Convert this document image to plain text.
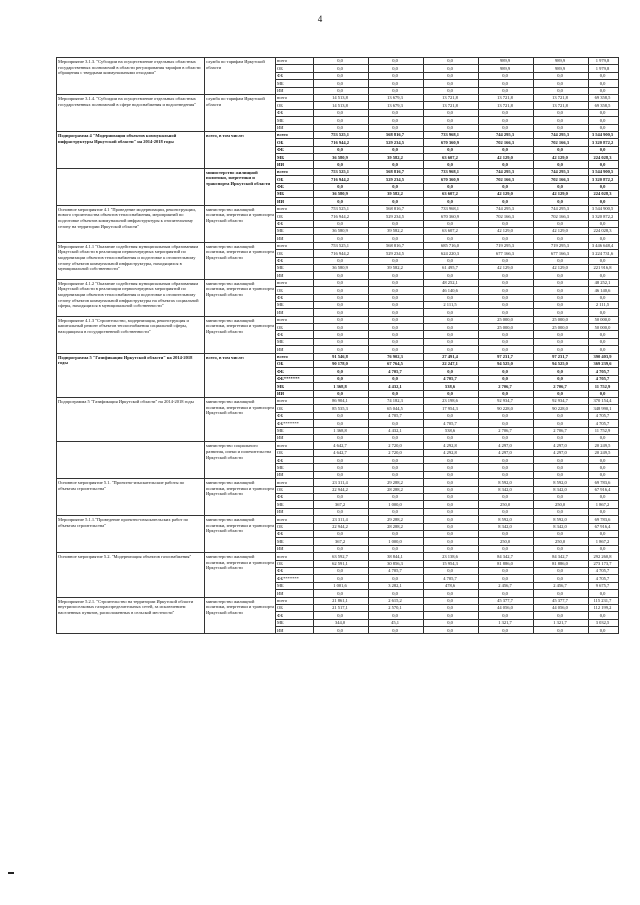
4
Мероприятие 3.1.3. "Субсидии на осуществление отдельных областных государственных полномочий в области регулирования тарифов в области обращения с твердыми коммунальными отходами"	служба по тарифам Иркутской области	всего	0,0	0,0	0,0	989,9	989,9	1 979,8	
		ОБ	0,0	0,0	0,0	989,9	989,9	1 979,8	
		ФБ	0,0	0,0	0,0	0,0	0,0	0,0	
		МБ	0,0	0,0	0,0	0,0	0,0	0,0	
		ИИ	0,0	0,0	0,0	0,0	0,0	0,0	
Мероприятие 3.1.4. "Субсидии на осуществление отдельных областных государственных полномочий в сфере водоснабжения и водоотведения"	служба по тарифам Иркутской области	всего	14 513,8	13 679,3	13 721,8	13 721,8	13 721,8	69 358,5	
		ОБ	14 513,8	13 679,3	13 721,8	13 721,8	13 721,8	69 358,5	
		ФБ	0,0	0,0	0,0	0,0	0,0	0,0	
		МБ	0,0	0,0	0,0	0,0	0,0	0,0	
		ИИ	0,0	0,0	0,0	0,0	0,0	0,0	
Подпрограмма 4 "Модернизация объектов коммунальной инфраструктуры Иркутской области" на 2014-2018 годы	всего, в том числе:	всего	753 525,1	568 816,7	733 968,1	744 295,3	744 295,3	3 544 900,5	
		ОБ	716 944,2	529 234,5	670 360,9	702 166,3	702 166,3	3 320 872,2	
		ФБ	0,0	0,0	0,0	0,0	0,0	0,0	
		МБ	36 580,9	39 582,2	63 607,2	42 129,0	42 129,0	224 028,3	
		ИИ	0,0	0,0	0,0	0,0	0,0	0,0	
	министерство жилищной политики, энергетики и транспорта Иркутской области	всего	753 525,1	568 816,7	733 968,1	744 295,3	744 295,3	3 544 900,5	
		ОБ	716 944,2	529 234,5	670 360,9	702 166,3	702 166,3	3 320 872,2	
		ФБ	0,0	0,0	0,0	0,0	0,0	0,0	
		МБ	36 580,9	39 582,2	63 607,2	42 129,0	42 129,0	224 028,3	
		ИИ	0,0	0,0	0,0	0,0	0,0	0,0	
Основное мероприятие 4.1 "Проведение модернизации, реконструкции, нового строительства объектов теплоснабжения, мероприятий по подготовке объектов коммунальной инфраструктуры к отопительному сезону на территории Иркутской области"	министерство жилищной политики, энергетики и транспорта Иркутской области	всего	753 525,1	568 816,7	733 968,1	744 295,3	744 295,3	3 544 900,5	
		ОБ	716 944,2	529 234,5	670 360,9	702 166,3	702 166,3	3 320 872,2	
		ФБ	0,0	0,0	0,0	0,0	0,0	0,0	
		МБ	36 580,9	39 582,2	63 607,2	42 129,0	42 129,0	224 028,3	
		ИИ	0,0	0,0	0,0	0,0	0,0	0,0	
Мероприятие 4.1.1 "Оказание содействия муниципальным образованиям Иркутской области в реализации первоочередных мероприятий по модернизации объектов теплоснабжения и подготовке к отопительному сезону объектов коммунальной инфраструктуры, находящихся в муниципальной собственности"	министерство жилищной политики, энергетики и транспорта Иркутской области	всего	753 525,1	568 816,7	685 716,0	719 295,3	719 295,3	3 446 648,4	
		ОБ	716 944,2	529 234,5	624 220,3	677 166,3	677 166,3	3 224 731,6	
		ФБ	0,0	0,0	0,0	0,0	0,0	0,0	
		МБ	36 580,9	39 582,2	61 495,7	42 129,0	42 129,0	221 916,8	
		ИИ	0,0	0,0	0,0	0,0	0,0	0,0	
Мероприятие 4.1.2 "Оказание содействия муниципальным образованиям Иркутской области в реализации первоочередных мероприятий по модернизации объектов теплоснабжения и подготовке к отопительному сезону объектов коммунальной инфраструктуры на объектах социальной сферы, находящихся в муниципальной собственности"	министерство жилищной политики, энергетики и транспорта Иркутской области	всего	0,0	0,0	48 252,1	0,0	0,0	48 252,1	
		ОБ	0,0	0,0	46 140,6	0,0	0,0	46 140,6	
		ФБ	0,0	0,0	0,0	0,0	0,0	0,0	
		МБ	0,0	0,0	2 111,5	0,0	0,0	2 111,5	
		ИИ	0,0	0,0	0,0	0,0	0,0	0,0	
Мероприятие 4.1.3 "Строительство, модернизация, реконструкция и капитальный ремонт объектов теплоснабжения социальной сферы, находящихся в государственной собственности"	министерство жилищной политики, энергетики и транспорта Иркутской области	всего	0,0	0,0	0,0	25 000,0	25 000,0	50 000,0	
		ОБ	0,0	0,0	0,0	25 000,0	25 000,0	50 000,0	
		ФБ	0,0	0,0	0,0	0,0	0,0	0,0	
		МБ	0,0	0,0	0,0	0,0	0,0	0,0	
		ИИ	0,0	0,0	0,0	0,0	0,0	0,0	
Подпрограмма 5 "Газификация Иркутской области" на 2014-2018 годы	всего, в том числе:	всего	91 546,8	76 902,3	27 491,4	97 231,7	97 231,7	390 403,9	
		ОБ	90 178,0	67 764,5	22 247,1	94 525,0	94 525,0	369 239,6	
		ФБ	0,0	4 705,7	0,0	0,0	0,0	4 705,7	
		ФБ*******	0,0	0,0	4 705,7	0,0	0,0	4 705,7	
		МБ	1 368,8	4 432,1	538,6	2 706,7	2 706,7	11 752,9	
		ИИ	0,0	0,0	0,0	0,0	0,0	0,0	
Подпрограмма 5 "Газификация Иркутской области" на 2014-2018 годы	министерство жилищной политики, энергетики и транспорта Иркутской области	всего	86 904,1	74 182,3	23 198,6	92 934,7	92 934,7	370 154,4	
		ОБ	85 535,3	65 044,5	17 954,3	90 228,0	90 228,0	348 990,1	
		ФБ	0,0	4 705,7	0,0	0,0	0,0	4 705,7	
		ФБ*******	0,0	0,0	4 705,7	0,0	0,0	4 705,7	
		МБ	1 368,8	4 432,1	538,6	2 706,7	2 706,7	11 752,9	
		ИИ	0,0	0,0	0,0	0,0	0,0	0,0	
	министерство социального развития, опеки и попечительства Иркутской области	всего	4 642,7	2 720,0	4 292,8	4 297,0	4 297,0	20 249,5	
		ОБ	4 642,7	2 720,0	4 292,8	4 297,0	4 297,0	20 249,5	
		ФБ	0,0	0,0	0,0	0,0	0,0	0,0	
		МБ	0,0	0,0	0,0	0,0	0,0	0,0	
		ИИ	0,0	0,0	0,0	0,0	0,0	0,0	
Основное мероприятие 5.1. "Проектно-изыскательские работы по объектам строительства"	министерство жилищной политики, энергетики и транспорта Иркутской области	всего	23 311,4	29 288,2	0,0	8 592,0	8 592,0	69 783,6	
		ОБ	22 944,2	28 288,2	0,0	8 342,0	8 342,0	67 916,4	
		ФБ	0,0	0,0	0,0	0,0	0,0	0,0	
		МБ	367,2	1 000,0	0,0	250,0	250,0	1 867,2	
		ИИ	0,0	0,0	0,0	0,0	0,0	0,0	
Мероприятие 5.1.1."Проведение проектно-изыскательских работ по объектам строительства"	министерство жилищной политики, энергетики и транспорта Иркутской области	всего	23 311,4	29 288,2	0,0	8 592,0	8 592,0	69 783,6	
		ОБ	22 944,2	28 288,2	0,0	8 342,0	8 342,0	67 916,4	
		ФБ	0,0	0,0	0,0	0,0	0,0	0,0	
		МБ	367,2	1 000,0	0,0	250,0	250,0	1 867,2	
		ИИ	0,0	0,0	0,0	0,0	0,0	0,0	
Основное мероприятие 5.2. "Модернизация объектов газоснабжения"	министерство жилищной политики, энергетики и транспорта Иркутской области	всего	63 592,7	38 844,1	23 138,6	84 342,7	84 342,7	292 260,8	
		ОБ	62 591,1	30 856,3	15 954,3	81 886,0	81 886,0	273 173,7	
		ФБ	0,0	4 705,7	0,0	0,0	0,0	4 705,7	
		ФБ*******	0,0	0,0	4 705,7	0,0	0,0	4 705,7	
		МБ	1 001,6	3 282,1	478,6	2 456,7	2 456,7	9 675,7	
		ИИ	0,0	0,0	0,0	0,0	0,0	0,0	
Мероприятие 5.2.1. "Строительство на территории Иркутской области внутрипоселковых газораспределительных сетей, за исключением населенных пунктов, расположенных в сельской местности"	министерство жилищной политики, энергетики и транспорта Иркутской области	всего	21 861,1	2 615,2	0,0	45 377,7	45 377,7	115 231,7	
		ОБ	21 517,1	2 570,1	0,0	44 056,0	44 056,0	112 199,2	
		ФБ	0,0	0,0	0,0	0,0	0,0	0,0	
		МБ	344,0	45,1	0,0	1 321,7	1 321,7	3 032,5	
		ИИ	0,0	0,0	0,0	0,0	0,0	0,0	
